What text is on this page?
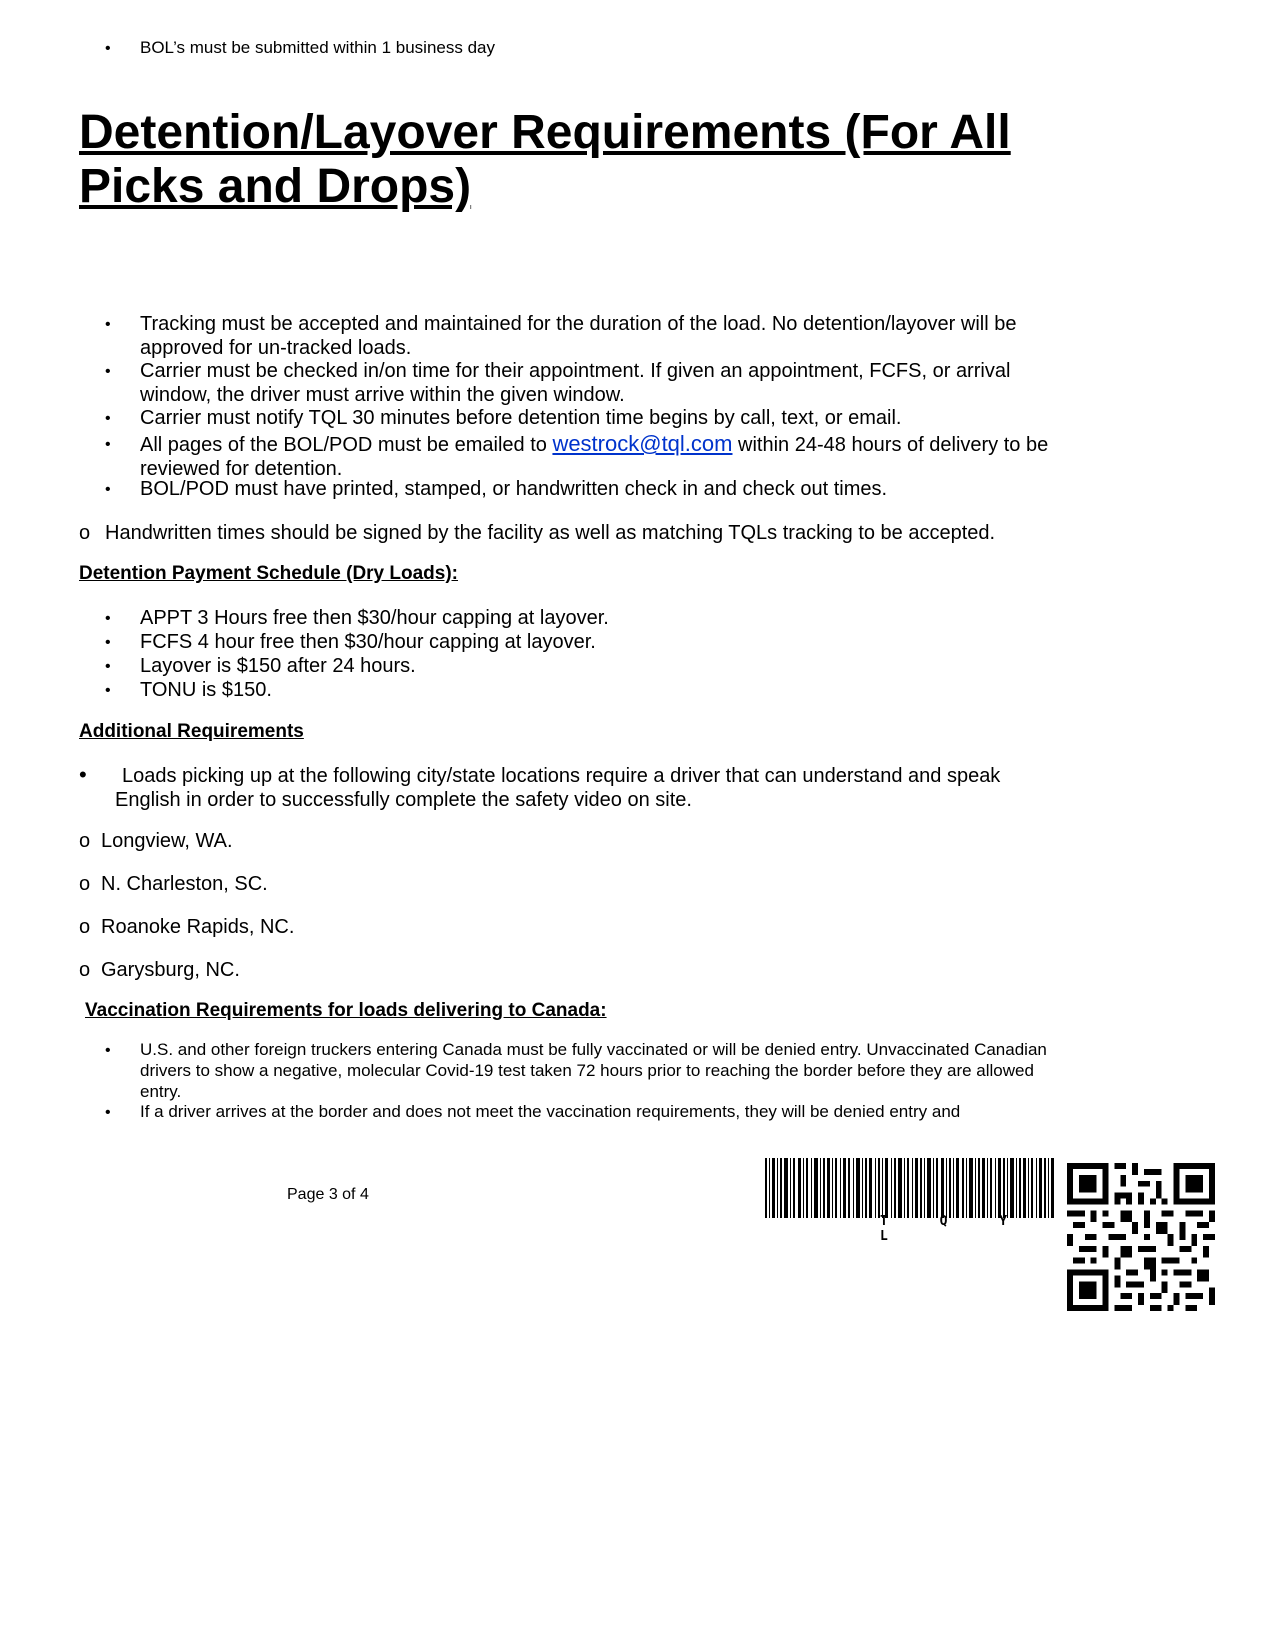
• BOL’s must be submitted within 1 business day
Detention/Layover Requirements (For All Picks and Drops)
• Tracking must be accepted and maintained for the duration of the load. No detention/layover will be approved for un-tracked loads.
• Carrier must be checked in/on time for their appointment. If given an appointment, FCFS, or arrival window, the driver must arrive within the given window.
• Carrier must notify TQL 30 minutes before detention time begins by call, text, or email.
• All pages of the BOL/POD must be emailed to westrock@tql.com within 24-48 hours of delivery to be reviewed for detention.
• BOL/POD must have printed, stamped, or handwritten check in and check out times.
o Handwritten times should be signed by the facility as well as matching TQLs tracking to be accepted.
Detention Payment Schedule (Dry Loads):
• APPT 3 Hours free then $30/hour capping at layover.
• FCFS 4 hour free then $30/hour capping at layover.
• Layover is $150 after 24 hours.
• TONU is $150.
Additional Requirements
•	Loads picking up at the following city/state locations require a driver that can understand and speak English in order to successfully complete the safety video on site.
o Longview, WA.
o N. Charleston, SC.
o Roanoke Rapids, NC.
o Garysburg, NC.
Vaccination Requirements for loads delivering to Canada:
• U.S. and other foreign truckers entering Canada must be fully vaccinated or will be denied entry. Unvaccinated Canadian drivers to show a negative, molecular Covid-19 test taken 72 hours prior to reaching the border before they are allowed entry.
• If a driver arrives at the border and does not meet the vaccination requirements, they will be denied entry and
Page 3 of 4
T Q Y L
